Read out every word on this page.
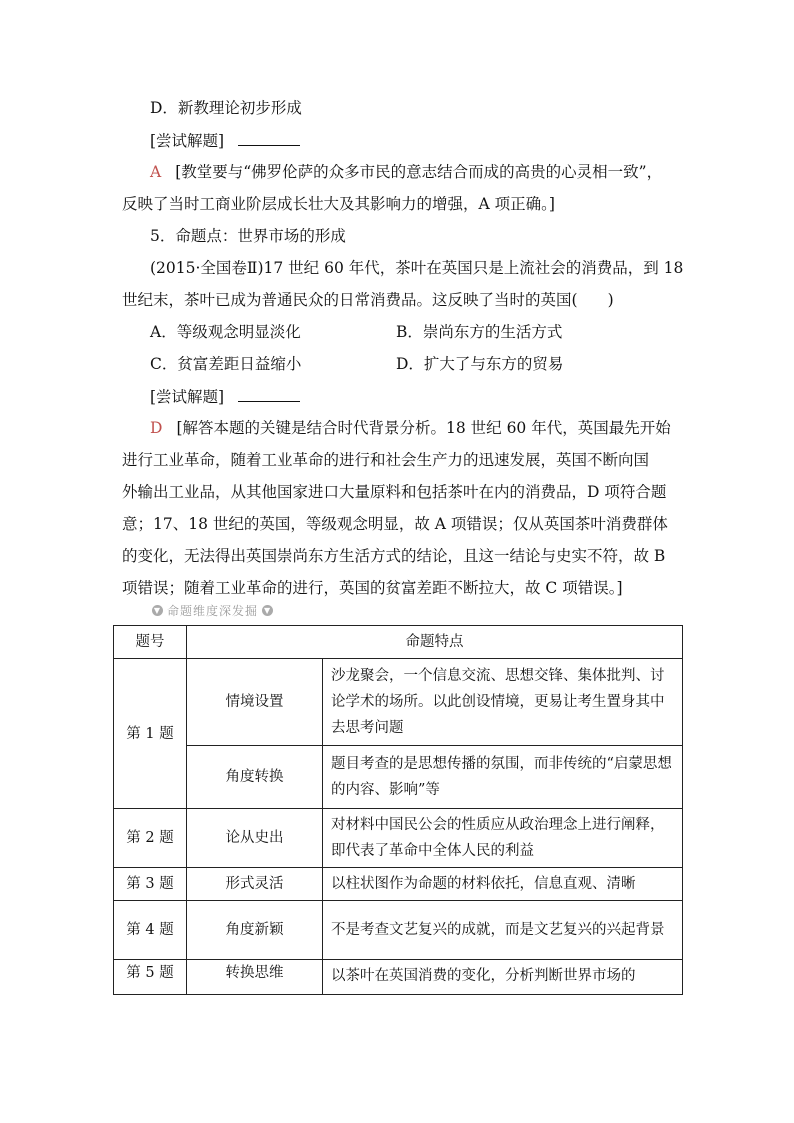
D．新教理论初步形成
[尝试解题]
A [教堂要与“佛罗伦萨的众多市民的意志结合而成的高贵的心灵相一致”，
反映了当时工商业阶层成长壮大及其影响力的增强，A 项正确。]
5．命题点：世界市场的形成
(2015·全国卷Ⅱ)17 世纪 60 年代，茶叶在英国只是上流社会的消费品，到 18
世纪末，茶叶已成为普通民众的日常消费品。这反映了当时的英国( )
A．等级观念明显淡化	B．崇尚东方的生活方式
C．贫富差距日益缩小	D．扩大了与东方的贸易
[尝试解题]
D [解答本题的关键是结合时代背景分析。18 世纪 60 年代，英国最先开始
进行工业革命，随着工业革命的进行和社会生产力的迅速发展，英国不断向国
外输出工业品，从其他国家进口大量原料和包括茶叶在内的消费品，D 项符合题
意；17、18 世纪的英国，等级观念明显，故 A 项错误；仅从英国茶叶消费群体
的变化，无法得出英国崇尚东方生活方式的结论，且这一结论与史实不符，故 B
项错误；随着工业革命的进行，英国的贫富差距不断拉大，故 C 项错误。]
▼ 命题维度深发掘 ▼
题号	命题特点	
第 1 题	情境设置	沙龙聚会，一个信息交流、思想交锋、集体批判、讨论学术的场所。以此创设情境，更易让考生置身其中去思考问题
	角度转换	题目考查的是思想传播的氛围，而非传统的“启蒙思想的内容、影响”等
第 2 题	论从史出	对材料中国民公会的性质应从政治理念上进行阐释，即代表了革命中全体人民的利益
第 3 题	形式灵活	以柱状图作为命题的材料依托，信息直观、清晰
第 4 题	角度新颖	不是考查文艺复兴的成就，而是文艺复兴的兴起背景
第 5 题	转换思维	以茶叶在英国消费的变化，分析判断世界市场的
